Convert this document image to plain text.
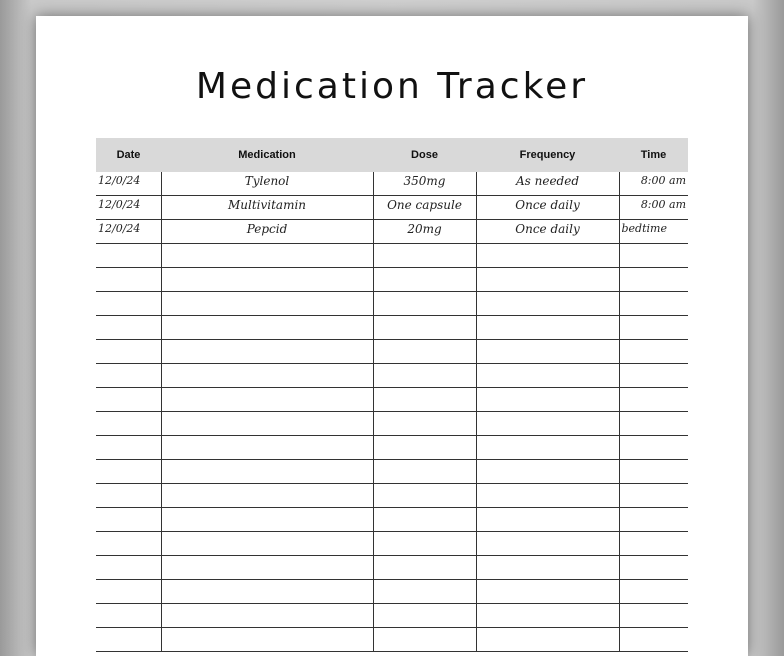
Medication Tracker
Date	Medication	Dose	Frequency	Time
12/0/24	Tylenol	350mg	As needed	8:00 am
12/0/24	Multivitamin	One capsule	Once daily	8:00 am
12/0/24	Pepcid	20mg	Once daily	bedtime
